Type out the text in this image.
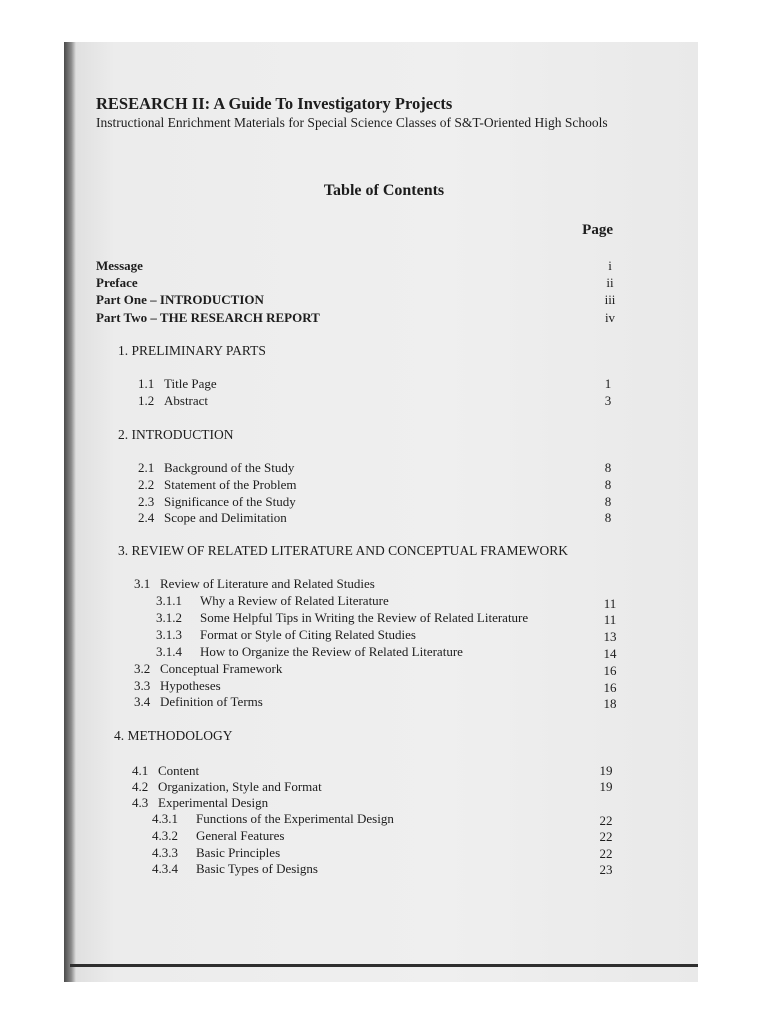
RESEARCH II: A Guide To Investigatory Projects
Instructional Enrichment Materials for Special Science Classes of S&T-Oriented High Schools
Table of Contents
Page
Message	i
Preface	ii
Part One – INTRODUCTION	iii
Part Two – THE RESEARCH REPORT	iv
1. PRELIMINARY PARTS
1.1 Title Page	1
1.2 Abstract	3
2. INTRODUCTION
2.1 Background of the Study	8
2.2 Statement of the Problem	8
2.3 Significance of the Study	8
2.4 Scope and Delimitation	8
3. REVIEW OF RELATED LITERATURE AND CONCEPTUAL FRAMEWORK
3.1 Review of Literature and Related Studies
3.1.1 Why a Review of Related Literature	11
3.1.2 Some Helpful Tips in Writing the Review of Related Literature	11
3.1.3 Format or Style of Citing Related Studies	13
3.1.4 How to Organize the Review of Related Literature	14
3.2 Conceptual Framework	16
3.3 Hypotheses	16
3.4 Definition of Terms	18
4. METHODOLOGY
4.1 Content	19
4.2 Organization, Style and Format	19
4.3 Experimental Design
4.3.1 Functions of the Experimental Design	22
4.3.2 General Features	22
4.3.3 Basic Principles	22
4.3.4 Basic Types of Designs	23
